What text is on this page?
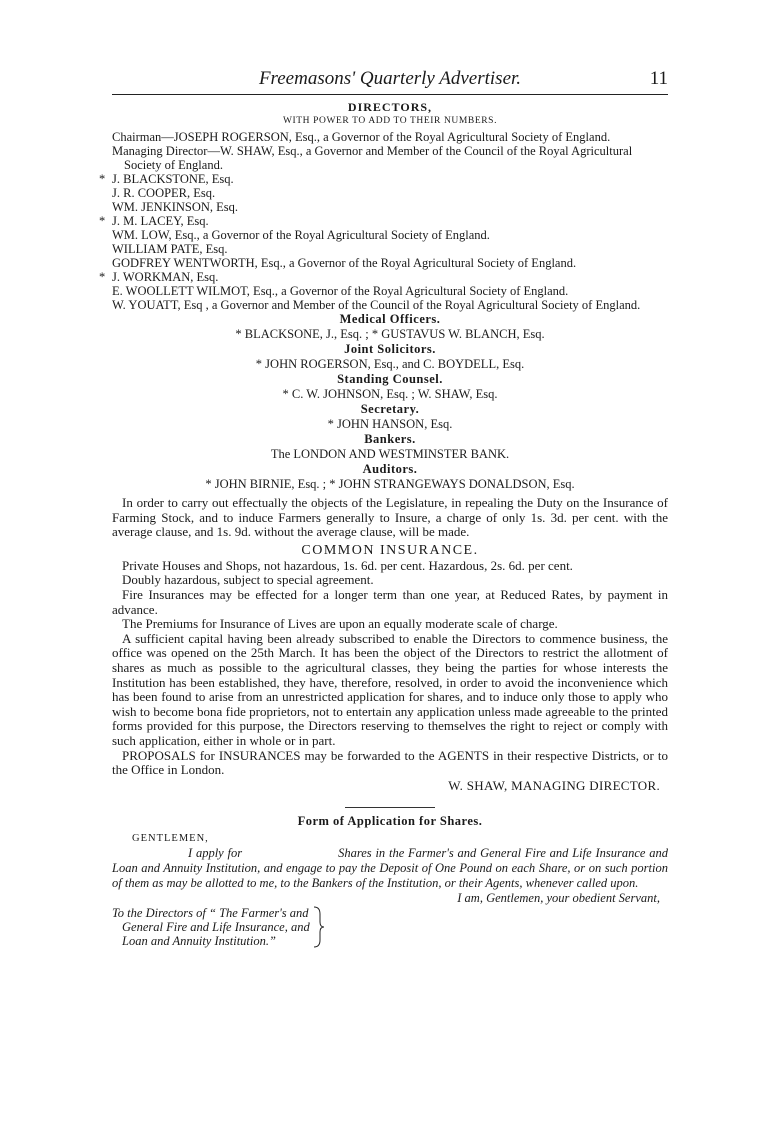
Freemasons' Quarterly Advertiser.	11
DIRECTORS,
WITH POWER TO ADD TO THEIR NUMBERS.
Chairman—JOSEPH ROGERSON, Esq., a Governor of the Royal Agricultural Society of England.
Managing Director—W. SHAW, Esq., a Governor and Member of the Council of the Royal Agricultural Society of England.
* J. BLACKSTONE, Esq.
J. R. COOPER, Esq.
WM. JENKINSON, Esq.
* J. M. LACEY, Esq.
WM. LOW, Esq., a Governor of the Royal Agricultural Society of England.
WILLIAM PATE, Esq.
GODFREY WENTWORTH, Esq., a Governor of the Royal Agricultural Society of England.
* J. WORKMAN, Esq.
E. WOOLLETT WILMOT, Esq., a Governor of the Royal Agricultural Society of England.
W. YOUATT, Esq , a Governor and Member of the Council of the Royal Agricultural Society of England.
Medical Officers.
* BLACKSONE, J., Esq. ; * GUSTAVUS W. BLANCH, Esq.
Joint Solicitors.
* JOHN ROGERSON, Esq., and C. BOYDELL, Esq.
Standing Counsel.
* C. W. JOHNSON, Esq. ; W. SHAW, Esq.
Secretary.
* JOHN HANSON, Esq.
Bankers.
The LONDON AND WESTMINSTER BANK.
Auditors.
* JOHN BIRNIE, Esq. ; * JOHN STRANGEWAYS DONALDSON, Esq.

In order to carry out effectually the objects of the Legislature, in repealing the Duty on the Insurance of Farming Stock, and to induce Farmers generally to Insure, a charge of only 1s. 3d. per cent. with the average clause, and 1s. 9d. without the average clause, will be made.

COMMON INSURANCE.

Private Houses and Shops, not hazardous, 1s. 6d. per cent. Hazardous, 2s. 6d. per cent.

Doubly hazardous, subject to special agreement.

Fire Insurances may be effected for a longer term than one year, at Reduced Rates, by payment in advance.

The Premiums for Insurance of Lives are upon an equally moderate scale of charge.

A sufficient capital having been already subscribed to enable the Directors to commence business, the office was opened on the 25th March. It has been the object of the Directors to restrict the allotment of shares as much as possible to the agricultural classes, they being the parties for whose interests the Institution has been established, they have, therefore, resolved, in order to avoid the inconvenience which has been found to arise from an unrestricted application for shares, and to induce only those to apply who wish to become bona fide proprietors, not to entertain any application unless made agreeable to the printed forms provided for this purpose, the Directors reserving to themselves the right to reject or comply with such application, either in whole or in part.

PROPOSALS for INSURANCES may be forwarded to the AGENTS in their respective Districts, or to the Office in London.

W. SHAW, MANAGING DIRECTOR.
Form of Application for Shares.
GENTLEMEN,

I apply for	Shares in the Farmer's and General Fire and Life Insurance and Loan and Annuity Institution, and engage to pay the Deposit of One Pound on each Share, or on such portion of them as may be allotted to me, to the Bankers of the Institution, or their Agents, whenever called upon.

I am, Gentlemen, your obedient Servant,
To the Directors of “ The Farmer's and
General Fire and Life Insurance, and
Loan and Annuity Institution.”
